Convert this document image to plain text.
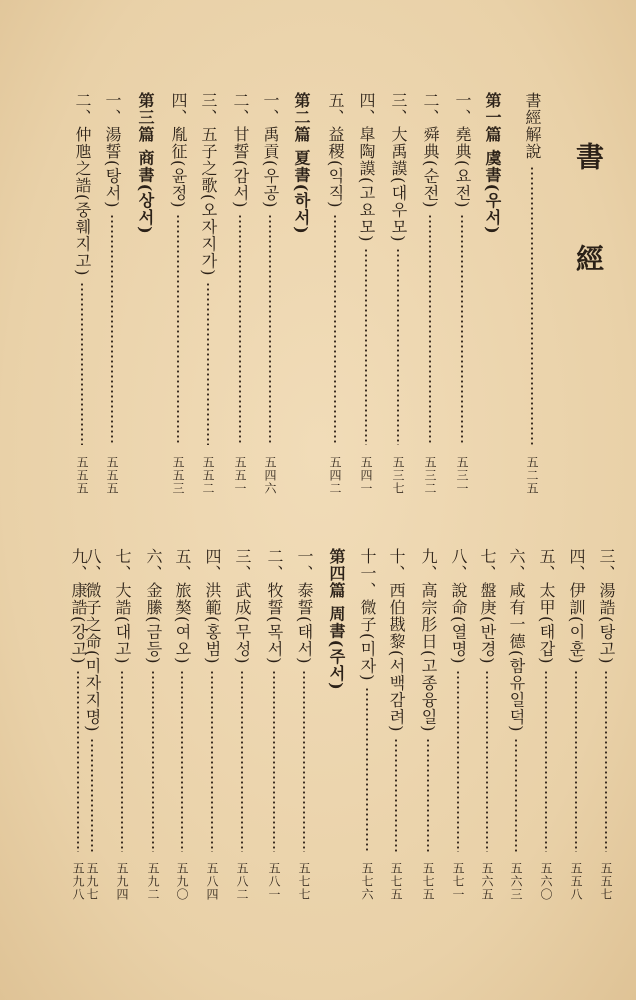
書 經
書經解說
五二五
第一篇 虞書(우서)
一、堯典(요전)
五三一
二、舜典(순전)
五三二
三、大禹謨(대우모)
五三七
四、皐陶謨(고요모)
五四一
五、益稷(익직)
五四二
第二篇 夏書(하서)
一、禹貢(우공)
五四六
二、甘誓(감서)
五五一
三、五子之歌(오자지가)
五五二
四、胤征(윤정)
五五三
第三篇 商書(상서)
一、湯誓(탕서)
五五五
二、仲虺之誥(중훼지고)
五五五
三、湯誥(탕고)
五五七
四、伊訓(이훈)
五五八
五、太甲(태갑)
五六〇
六、咸有一德(함유일덕)
五六三
七、盤庚(반경)
五六五
八、說命(열명)
五七一
九、高宗肜日(고종융일)
五七五
十、西伯戡黎(서백감려)
五七五
十一、微子(미자)
五七六
第四篇 周書(주서)
一、泰誓(태서)
五七七
二、牧誓(목서)
五八一
三、武成(무성)
五八二
四、洪範(홍범)
五八四
五、旅獒(여오)
五九〇
六、金縢(금등)
五九二
七、大誥(대고)
五九四
八、微子之命(미자지명)
五九七
九、康誥(강고)
五九八
